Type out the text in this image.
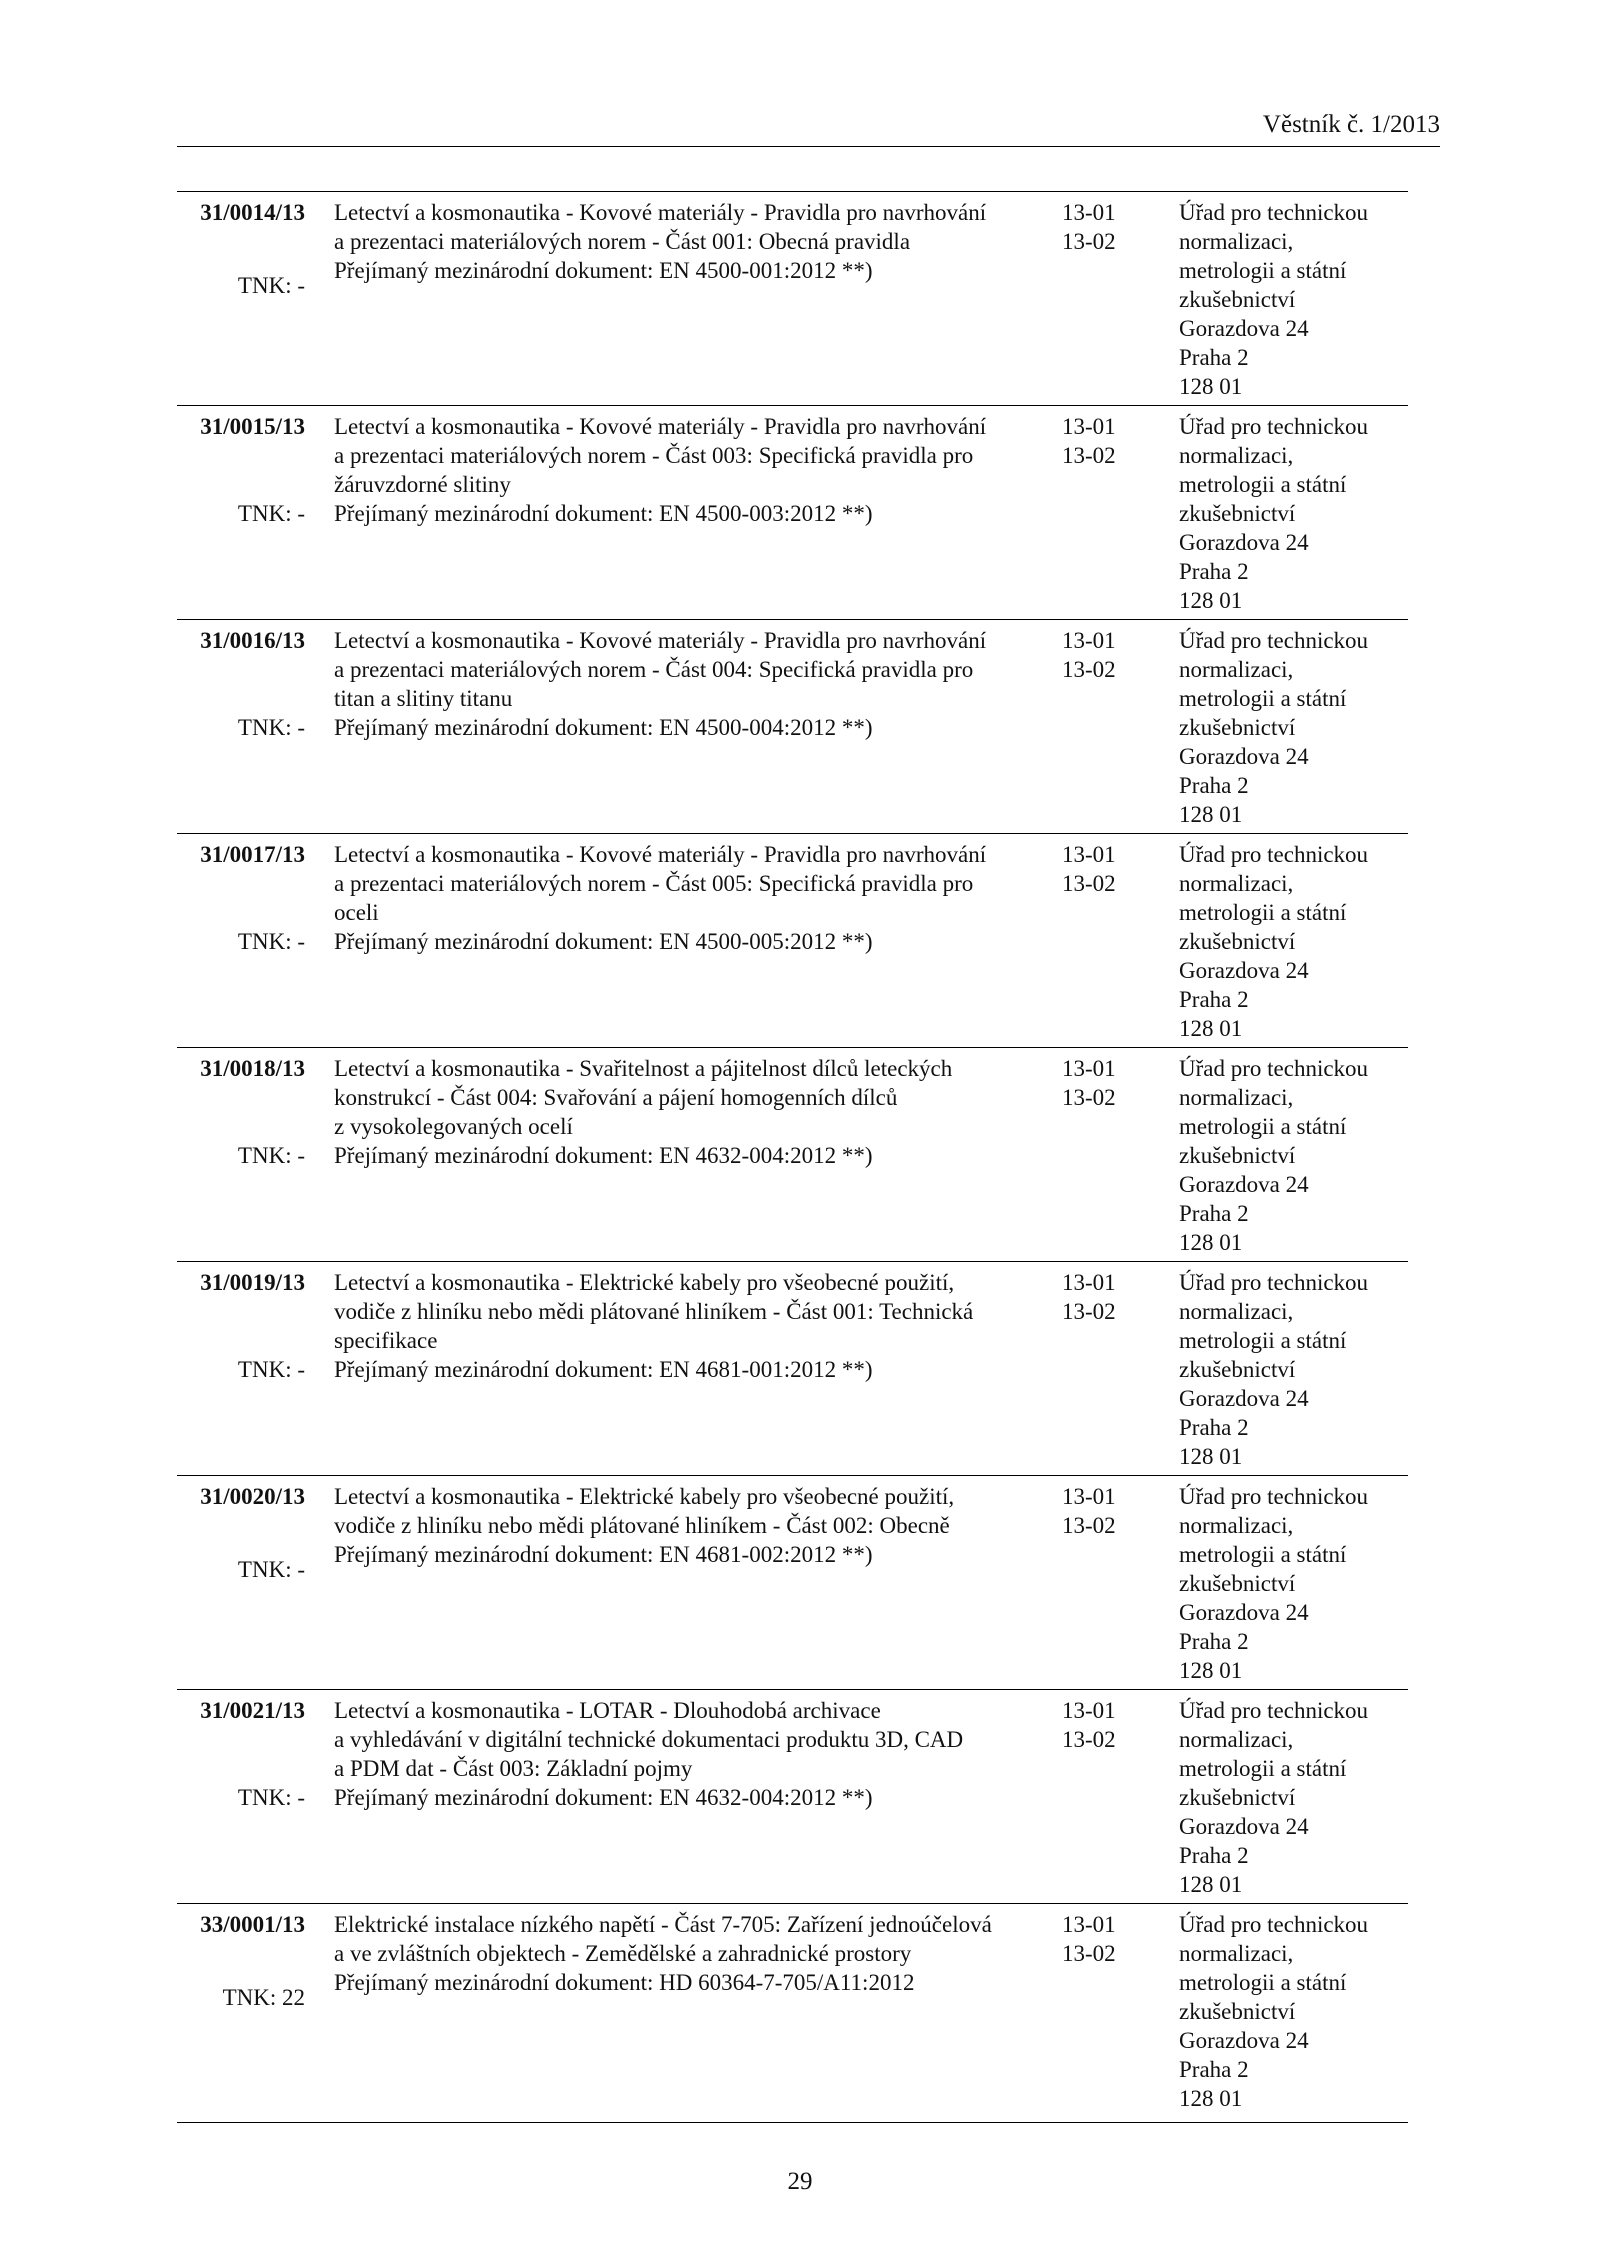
Věstník č. 1/2013
31/0014/13
TNK: -
Letectví a kosmonautika - Kovové materiály - Pravidla pro navrhování
a prezentaci materiálových norem - Část 001: Obecná pravidla
Přejímaný mezinárodní dokument: EN 4500-001:2012 **)
13-01
13-02
Úřad pro technickou
normalizaci,
metrologii a státní
zkušebnictví
Gorazdova 24
Praha 2
128 01
31/0015/13
TNK: -
Letectví a kosmonautika - Kovové materiály - Pravidla pro navrhování
a prezentaci materiálových norem - Část 003: Specifická pravidla pro
žáruvzdorné slitiny
Přejímaný mezinárodní dokument: EN 4500-003:2012 **)
13-01
13-02
Úřad pro technickou
normalizaci,
metrologii a státní
zkušebnictví
Gorazdova 24
Praha 2
128 01
31/0016/13
TNK: -
Letectví a kosmonautika - Kovové materiály - Pravidla pro navrhování
a prezentaci materiálových norem - Část 004: Specifická pravidla pro
titan a slitiny titanu
Přejímaný mezinárodní dokument: EN 4500-004:2012 **)
13-01
13-02
Úřad pro technickou
normalizaci,
metrologii a státní
zkušebnictví
Gorazdova 24
Praha 2
128 01
31/0017/13
TNK: -
Letectví a kosmonautika - Kovové materiály - Pravidla pro navrhování
a prezentaci materiálových norem - Část 005: Specifická pravidla pro
oceli
Přejímaný mezinárodní dokument: EN 4500-005:2012 **)
13-01
13-02
Úřad pro technickou
normalizaci,
metrologii a státní
zkušebnictví
Gorazdova 24
Praha 2
128 01
31/0018/13
TNK: -
Letectví a kosmonautika - Svařitelnost a pájitelnost dílců leteckých
konstrukcí - Část 004: Svařování a pájení homogenních dílců
z vysokolegovaných ocelí
Přejímaný mezinárodní dokument: EN 4632-004:2012 **)
13-01
13-02
Úřad pro technickou
normalizaci,
metrologii a státní
zkušebnictví
Gorazdova 24
Praha 2
128 01
31/0019/13
TNK: -
Letectví a kosmonautika - Elektrické kabely pro všeobecné použití,
vodiče z hliníku nebo mědi plátované hliníkem - Část 001: Technická
specifikace
Přejímaný mezinárodní dokument: EN 4681-001:2012 **)
13-01
13-02
Úřad pro technickou
normalizaci,
metrologii a státní
zkušebnictví
Gorazdova 24
Praha 2
128 01
31/0020/13
TNK: -
Letectví a kosmonautika - Elektrické kabely pro všeobecné použití,
vodiče z hliníku nebo mědi plátované hliníkem - Část 002: Obecně
Přejímaný mezinárodní dokument: EN 4681-002:2012 **)
13-01
13-02
Úřad pro technickou
normalizaci,
metrologii a státní
zkušebnictví
Gorazdova 24
Praha 2
128 01
31/0021/13
TNK: -
Letectví a kosmonautika - LOTAR - Dlouhodobá archivace
a vyhledávání v digitální technické dokumentaci produktu 3D, CAD
a PDM dat - Část 003: Základní pojmy
Přejímaný mezinárodní dokument: EN 4632-004:2012 **)
13-01
13-02
Úřad pro technickou
normalizaci,
metrologii a státní
zkušebnictví
Gorazdova 24
Praha 2
128 01
33/0001/13
TNK: 22
Elektrické instalace nízkého napětí - Část 7-705: Zařízení jednoúčelová
a ve zvláštních objektech - Zemědělské a zahradnické prostory
Přejímaný mezinárodní dokument: HD 60364-7-705/A11:2012
13-01
13-02
Úřad pro technickou
normalizaci,
metrologii a státní
zkušebnictví
Gorazdova 24
Praha 2
128 01
29
